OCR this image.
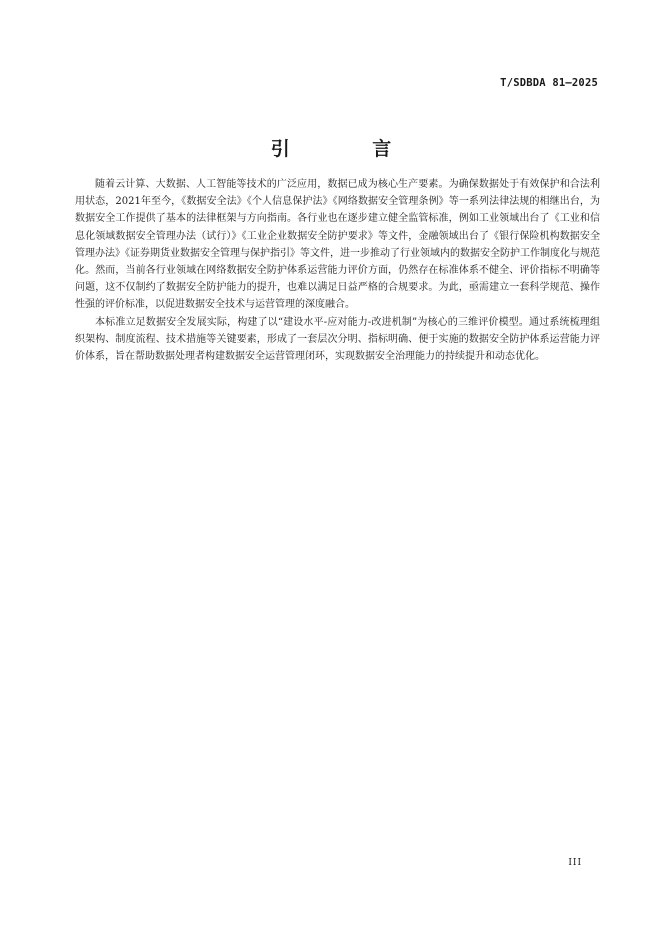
T/SDBDA 81—2025
引 言

随着云计算、大数据、人工智能等技术的广泛应用，数据已成为核心生产要素。为确保数据处于有效保护和合法利用状态，2021年至今，《数据安全法》《个人信息保护法》《网络数据安全管理条例》等一系列法律法规的相继出台，为数据安全工作提供了基本的法律框架与方向指南。各行业也在逐步建立健全监管标准，例如工业领域出台了《工业和信息化领域数据安全管理办法（试行）》《工业企业数据安全防护要求》等文件，金融领域出台了《银行保险机构数据安全管理办法》《证券期货业数据安全管理与保护指引》等文件，进一步推动了行业领域内的数据安全防护工作制度化与规范化。然而，当前各行业领域在网络数据安全防护体系运营能力评价方面，仍然存在标准体系不健全、评价指标不明确等问题，这不仅制约了数据安全防护能力的提升，也难以满足日益严格的合规要求。为此，亟需建立一套科学规范、操作性强的评价标准，以促进数据安全技术与运营管理的深度融合。

本标准立足数据安全发展实际，构建了以“建设水平-应对能力-改进机制”为核心的三维评价模型。通过系统梳理组织架构、制度流程、技术措施等关键要素，形成了一套层次分明、指标明确、便于实施的数据安全防护体系运营能力评价体系，旨在帮助数据处理者构建数据安全运营管理闭环，实现数据安全治理能力的持续提升和动态优化。

III
